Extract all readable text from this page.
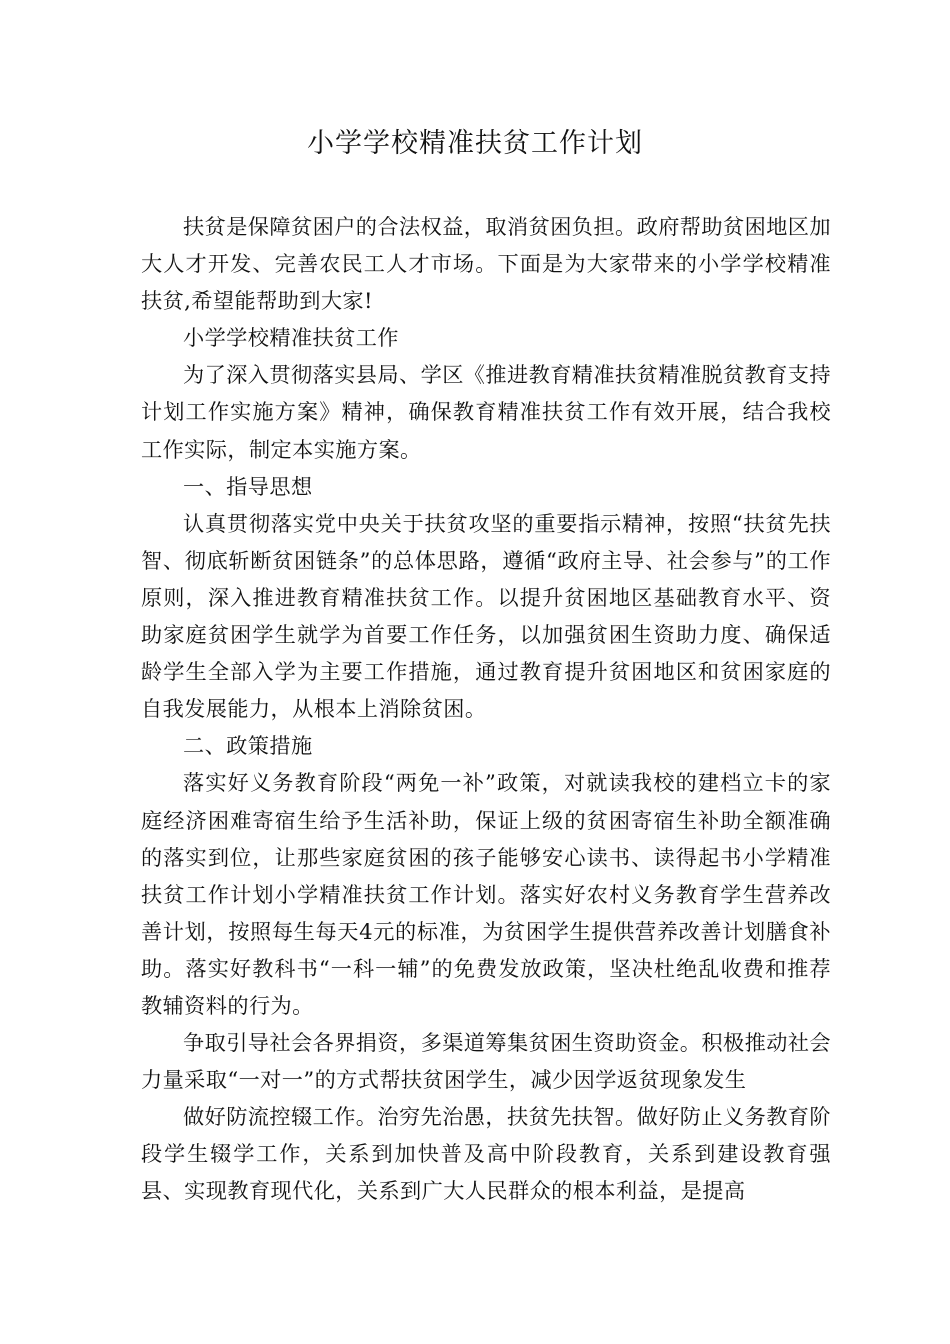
小学学校精准扶贫工作计划

扶贫是保障贫困户的合法权益，取消贫困负担。政府帮助贫困地区加大人才开发、完善农民工人才市场。下面是为大家带来的小学学校精准扶贫,希望能帮助到大家!

小学学校精准扶贫工作

为了深入贯彻落实县局、学区《推进教育精准扶贫精准脱贫教育支持计划工作实施方案》精神，确保教育精准扶贫工作有效开展，结合我校工作实际，制定本实施方案。

一、指导思想

认真贯彻落实党中央关于扶贫攻坚的重要指示精神，按照“扶贫先扶智、彻底斩断贫困链条”的总体思路，遵循“政府主导、社会参与”的工作原则，深入推进教育精准扶贫工作。以提升贫困地区基础教育水平、资助家庭贫困学生就学为首要工作任务，以加强贫困生资助力度、确保适龄学生全部入学为主要工作措施，通过教育提升贫困地区和贫困家庭的自我发展能力，从根本上消除贫困。

二、政策措施

落实好义务教育阶段“两免一补”政策，对就读我校的建档立卡的家庭经济困难寄宿生给予生活补助，保证上级的贫困寄宿生补助全额准确的落实到位，让那些家庭贫困的孩子能够安心读书、读得起书小学精准扶贫工作计划小学精准扶贫工作计划。落实好农村义务教育学生营养改善计划，按照每生每天4元的标准，为贫困学生提供营养改善计划膳食补助。落实好教科书“一科一辅”的免费发放政策，坚决杜绝乱收费和推荐教辅资料的行为。

争取引导社会各界捐资，多渠道筹集贫困生资助资金。积极推动社会力量采取“一对一”的方式帮扶贫困学生，减少因学返贫现象发生

做好防流控辍工作。治穷先治愚，扶贫先扶智。做好防止义务教育阶段学生辍学工作，关系到加快普及高中阶段教育，关系到建设教育强县、实现教育现代化，关系到广大人民群众的根本利益，是提高
